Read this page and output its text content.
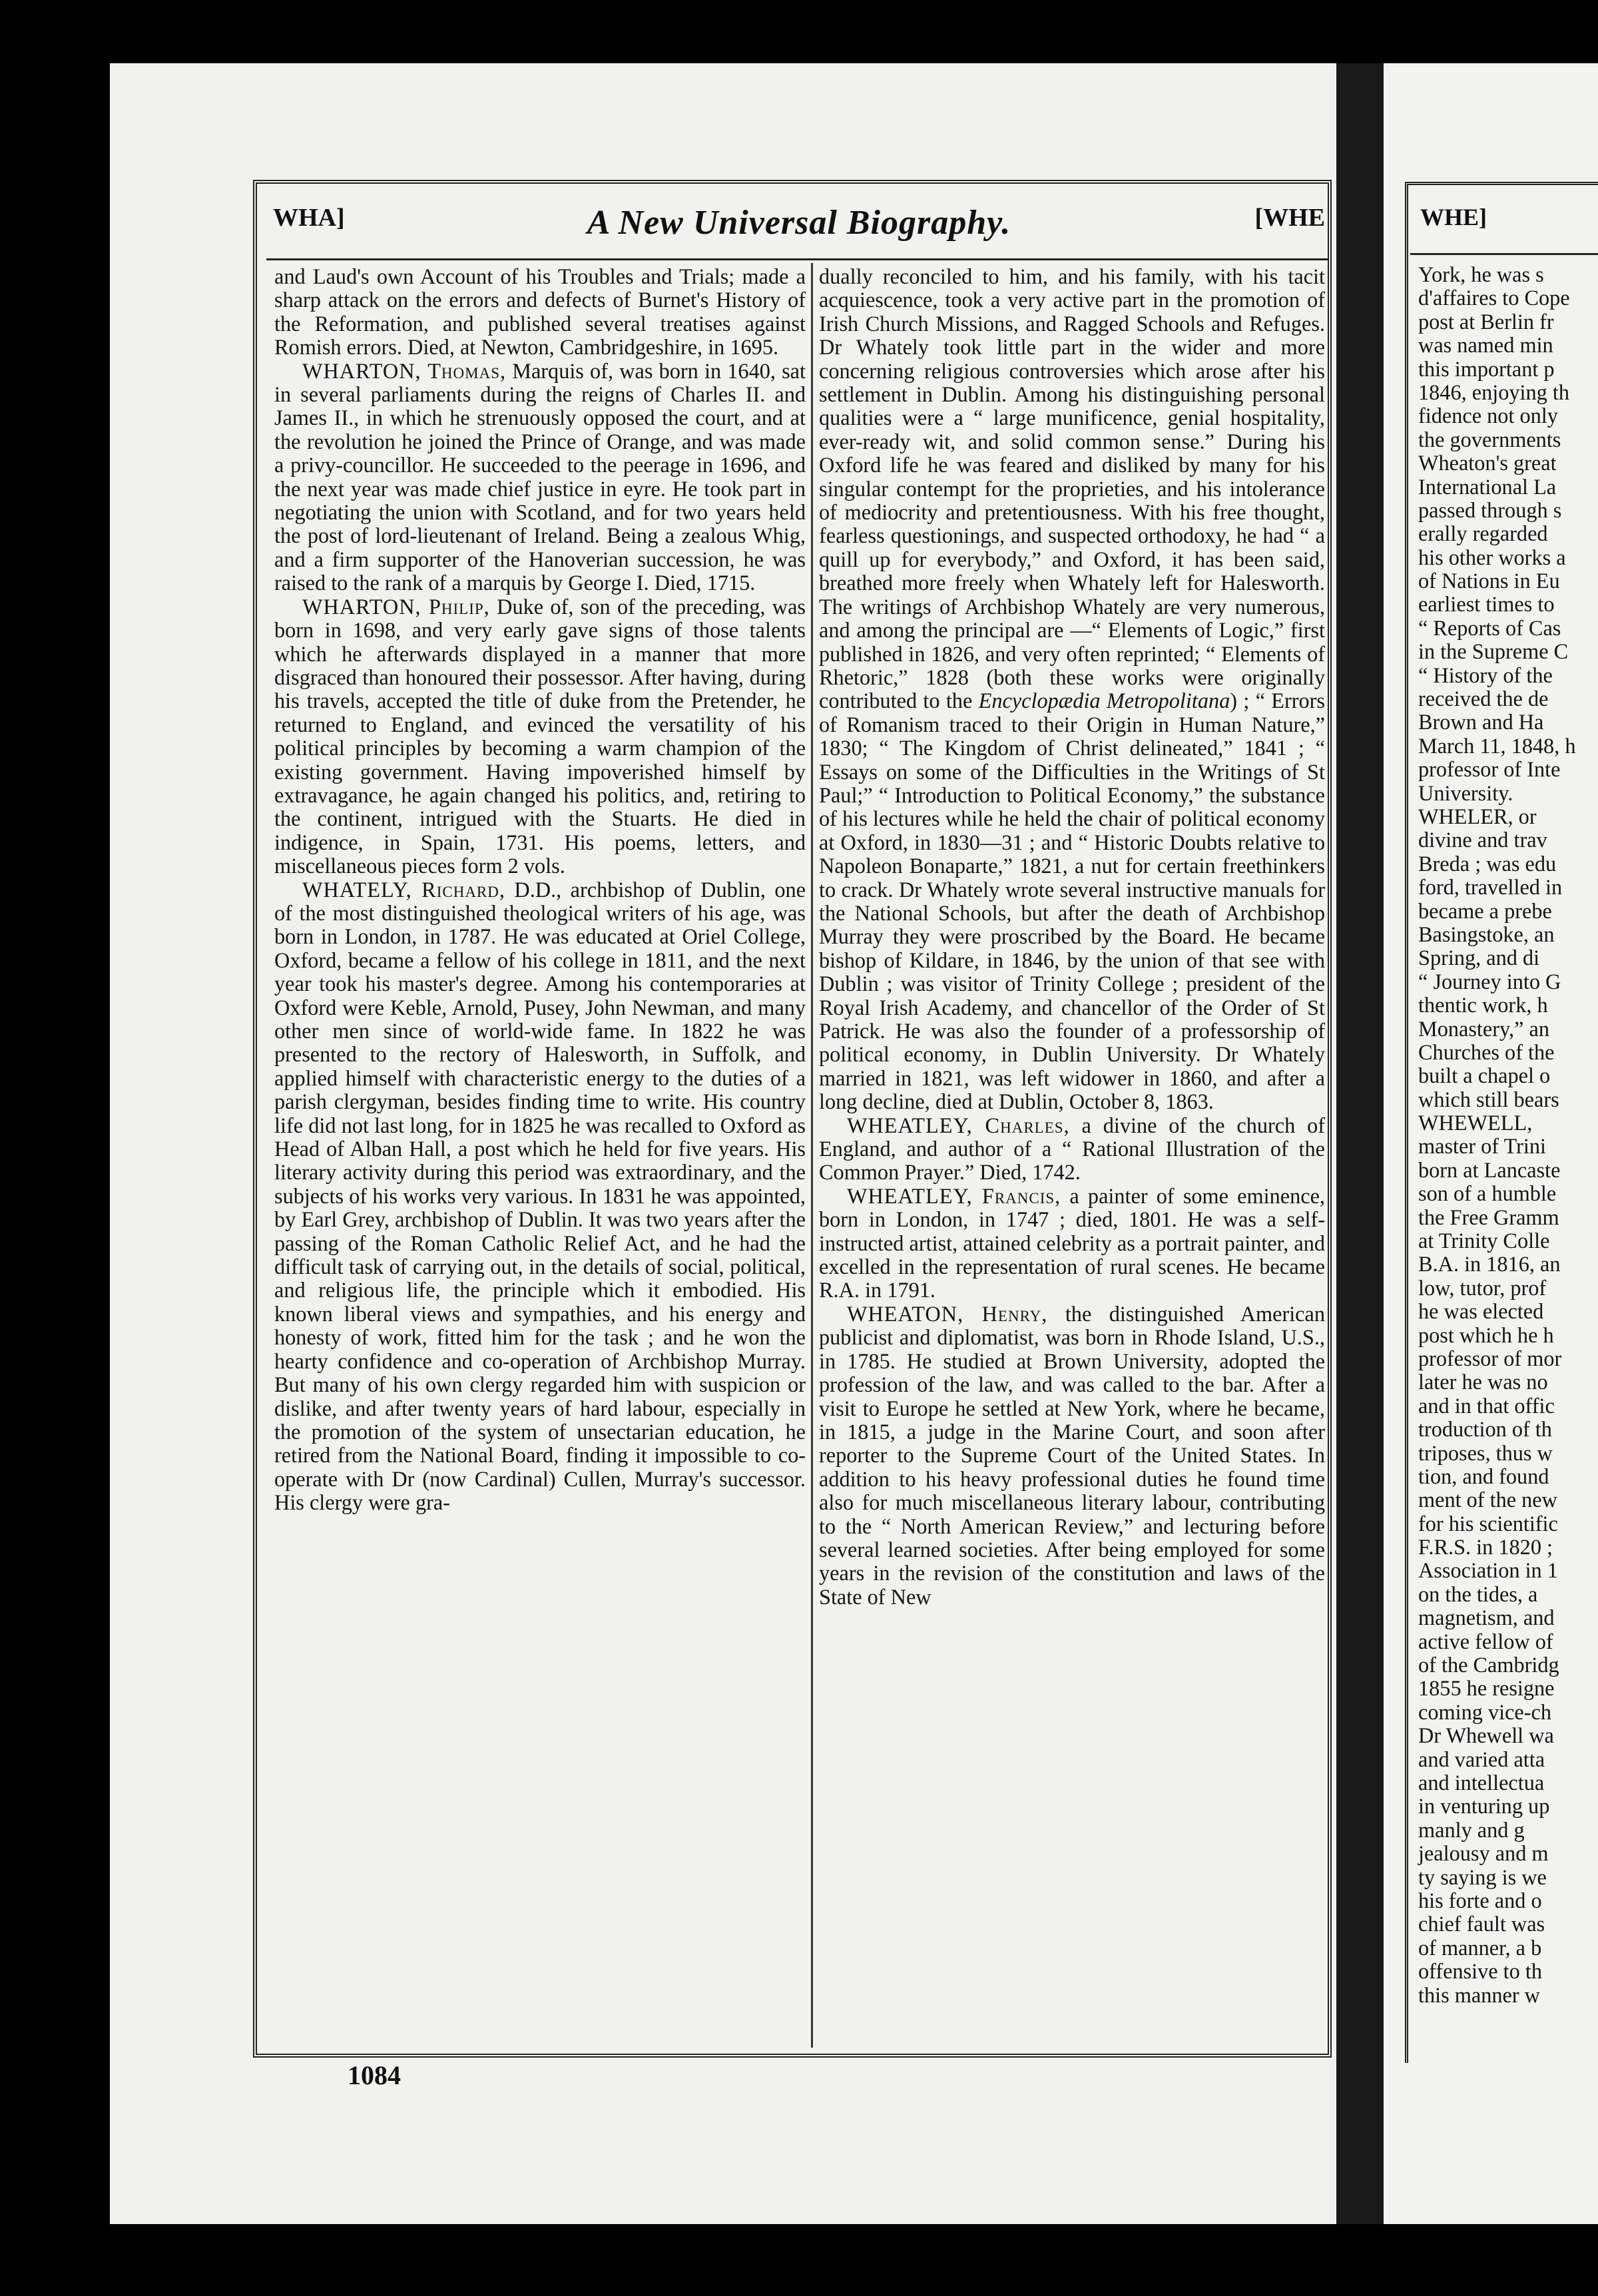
WHE]
York, he was s
d'affaires to Cope
post at Berlin fr
was named min
this important p
1846, enjoying th
fidence not only
the governments
Wheaton's great
International La
passed through s
erally regarded
his other works a
of Nations in Eu
earliest times to
“ Reports of Cas
in the Supreme C
“ History of the
received the de
Brown and Ha
March 11, 1848, h
professor of Inte
University.
WHELER, or
divine and trav
Breda ; was edu
ford, travelled in
became a prebe
Basingstoke, an
Spring, and di
“ Journey into G
thentic work, h
Monastery,” an
Churches of the
built a chapel o
which still bears
WHEWELL,
master of Trini
born at Lancaste
son of a humble
the Free Gramm
at Trinity Colle
B.A. in 1816, an
low, tutor, prof
he was elected
post which he h
professor of mor
later he was no
and in that offic
troduction of th
triposes, thus w
tion, and found
ment of the new
for his scientific
F.R.S. in 1820 ;
Association in 1
on the tides, a
magnetism, and
active fellow of
of the Cambridg
1855 he resigne
coming vice-ch
Dr Whewell wa
and varied atta
and intellectua
in venturing up
manly and g
jealousy and m
ty saying is we
his forte and o
chief fault was
of manner, a b
offensive to th
this manner w
WHA]	A New Universal Biography.	[WHE

and Laud's own Account of his Troubles and Trials; made a sharp attack on the errors and defects of Burnet's History of the Reformation, and published several treatises against Romish errors. Died, at Newton, Cambridgeshire, in 1695.

WHARTON, Thomas, Marquis of, was born in 1640, sat in several parliaments during the reigns of Charles II. and James II., in which he strenuously opposed the court, and at the revolution he joined the Prince of Orange, and was made a privy-councillor. He succeeded to the peerage in 1696, and the next year was made chief justice in eyre. He took part in negotiating the union with Scotland, and for two years held the post of lord-lieutenant of Ireland. Being a zealous Whig, and a firm supporter of the Hanoverian succession, he was raised to the rank of a marquis by George I. Died, 1715.

WHARTON, Philip, Duke of, son of the preceding, was born in 1698, and very early gave signs of those talents which he afterwards displayed in a manner that more disgraced than honoured their possessor. After having, during his travels, accepted the title of duke from the Pretender, he returned to England, and evinced the versatility of his political principles by becoming a warm champion of the existing government. Having impoverished himself by extravagance, he again changed his politics, and, retiring to the continent, intrigued with the Stuarts. He died in indigence, in Spain, 1731. His poems, letters, and miscellaneous pieces form 2 vols.

WHATELY, Richard, D.D., archbishop of Dublin, one of the most distinguished theological writers of his age, was born in London, in 1787. He was educated at Oriel College, Oxford, became a fellow of his college in 1811, and the next year took his master's degree. Among his contemporaries at Oxford were Keble, Arnold, Pusey, John Newman, and many other men since of world-wide fame. In 1822 he was presented to the rectory of Halesworth, in Suffolk, and applied himself with characteristic energy to the duties of a parish clergyman, besides finding time to write. His country life did not last long, for in 1825 he was recalled to Oxford as Head of Alban Hall, a post which he held for five years. His literary activity during this period was extraordinary, and the subjects of his works very various. In 1831 he was appointed, by Earl Grey, archbishop of Dublin. It was two years after the passing of the Roman Catholic Relief Act, and he had the difficult task of carrying out, in the details of social, political, and religious life, the principle which it embodied. His known liberal views and sympathies, and his energy and honesty of work, fitted him for the task ; and he won the hearty confidence and co-operation of Archbishop Murray. But many of his own clergy regarded him with suspicion or dislike, and after twenty years of hard labour, especially in the promotion of the system of unsectarian education, he retired from the National Board, finding it impossible to co-operate with Dr (now Cardinal) Cullen, Murray's successor. His clergy were gra-

dually reconciled to him, and his family, with his tacit acquiescence, took a very active part in the promotion of Irish Church Missions, and Ragged Schools and Refuges. Dr Whately took little part in the wider and more concerning religious controversies which arose after his settlement in Dublin. Among his distinguishing personal qualities were a “ large munificence, genial hospitality, ever-ready wit, and solid common sense.” During his Oxford life he was feared and disliked by many for his singular contempt for the proprieties, and his intolerance of mediocrity and pretentiousness. With his free thought, fearless questionings, and suspected orthodoxy, he had “ a quill up for everybody,” and Oxford, it has been said, breathed more freely when Whately left for Halesworth. The writings of Archbishop Whately are very numerous, and among the principal are —“ Elements of Logic,” first published in 1826, and very often reprinted; “ Elements of Rhetoric,” 1828 (both these works were originally contributed to the Encyclopædia Metropolitana) ; “ Errors of Romanism traced to their Origin in Human Nature,” 1830; “ The Kingdom of Christ delineated,” 1841 ; “ Essays on some of the Difficulties in the Writings of St Paul;” “ Introduction to Political Economy,” the substance of his lectures while he held the chair of political economy at Oxford, in 1830—31 ; and “ Historic Doubts relative to Napoleon Bonaparte,” 1821, a nut for certain freethinkers to crack. Dr Whately wrote several instructive manuals for the National Schools, but after the death of Archbishop Murray they were proscribed by the Board. He became bishop of Kildare, in 1846, by the union of that see with Dublin ; was visitor of Trinity College ; president of the Royal Irish Academy, and chancellor of the Order of St Patrick. He was also the founder of a professorship of political economy, in Dublin University. Dr Whately married in 1821, was left widower in 1860, and after a long decline, died at Dublin, October 8, 1863.

WHEATLEY, Charles, a divine of the church of England, and author of a “ Rational Illustration of the Common Prayer.” Died, 1742.

WHEATLEY, Francis, a painter of some eminence, born in London, in 1747 ; died, 1801. He was a self-instructed artist, attained celebrity as a portrait painter, and excelled in the representation of rural scenes. He became R.A. in 1791.

WHEATON, Henry, the distinguished American publicist and diplomatist, was born in Rhode Island, U.S., in 1785. He studied at Brown University, adopted the profession of the law, and was called to the bar. After a visit to Europe he settled at New York, where he became, in 1815, a judge in the Marine Court, and soon after reporter to the Supreme Court of the United States. In addition to his heavy professional duties he found time also for much miscellaneous literary labour, contributing to the “ North American Review,” and lecturing before several learned societies. After being employed for some years in the revision of the constitution and laws of the State of New

1084
